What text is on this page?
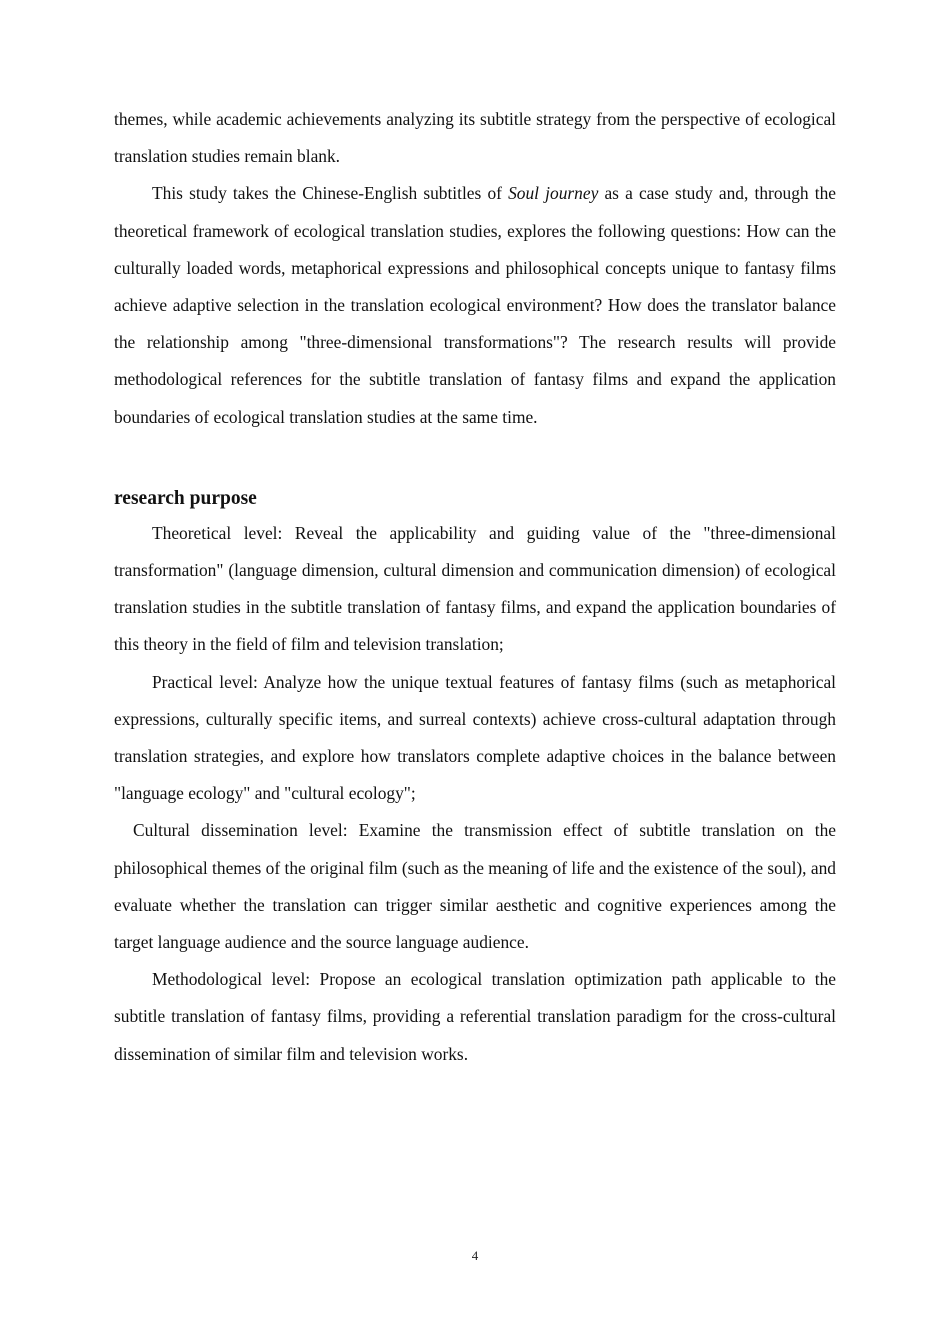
themes, while academic achievements analyzing its subtitle strategy from the perspective of ecological translation studies remain blank.

This study takes the Chinese-English subtitles of Soul journey as a case study and, through the theoretical framework of ecological translation studies, explores the following questions: How can the culturally loaded words, metaphorical expressions and philosophical concepts unique to fantasy films achieve adaptive selection in the translation ecological environment? How does the translator balance the relationship among "three-dimensional transformations"? The research results will provide methodological references for the subtitle translation of fantasy films and expand the application boundaries of ecological translation studies at the same time.

research purpose

Theoretical level: Reveal the applicability and guiding value of the "three-dimensional transformation" (language dimension, cultural dimension and communication dimension) of ecological translation studies in the subtitle translation of fantasy films, and expand the application boundaries of this theory in the field of film and television translation;

Practical level: Analyze how the unique textual features of fantasy films (such as metaphorical expressions, culturally specific items, and surreal contexts) achieve cross-cultural adaptation through translation strategies, and explore how translators complete adaptive choices in the balance between "language ecology" and "cultural ecology";

Cultural dissemination level: Examine the transmission effect of subtitle translation on the philosophical themes of the original film (such as the meaning of life and the existence of the soul), and evaluate whether the translation can trigger similar aesthetic and cognitive experiences among the target language audience and the source language audience.

Methodological level: Propose an ecological translation optimization path applicable to the subtitle translation of fantasy films, providing a referential translation paradigm for the cross-cultural dissemination of similar film and television works.

4
